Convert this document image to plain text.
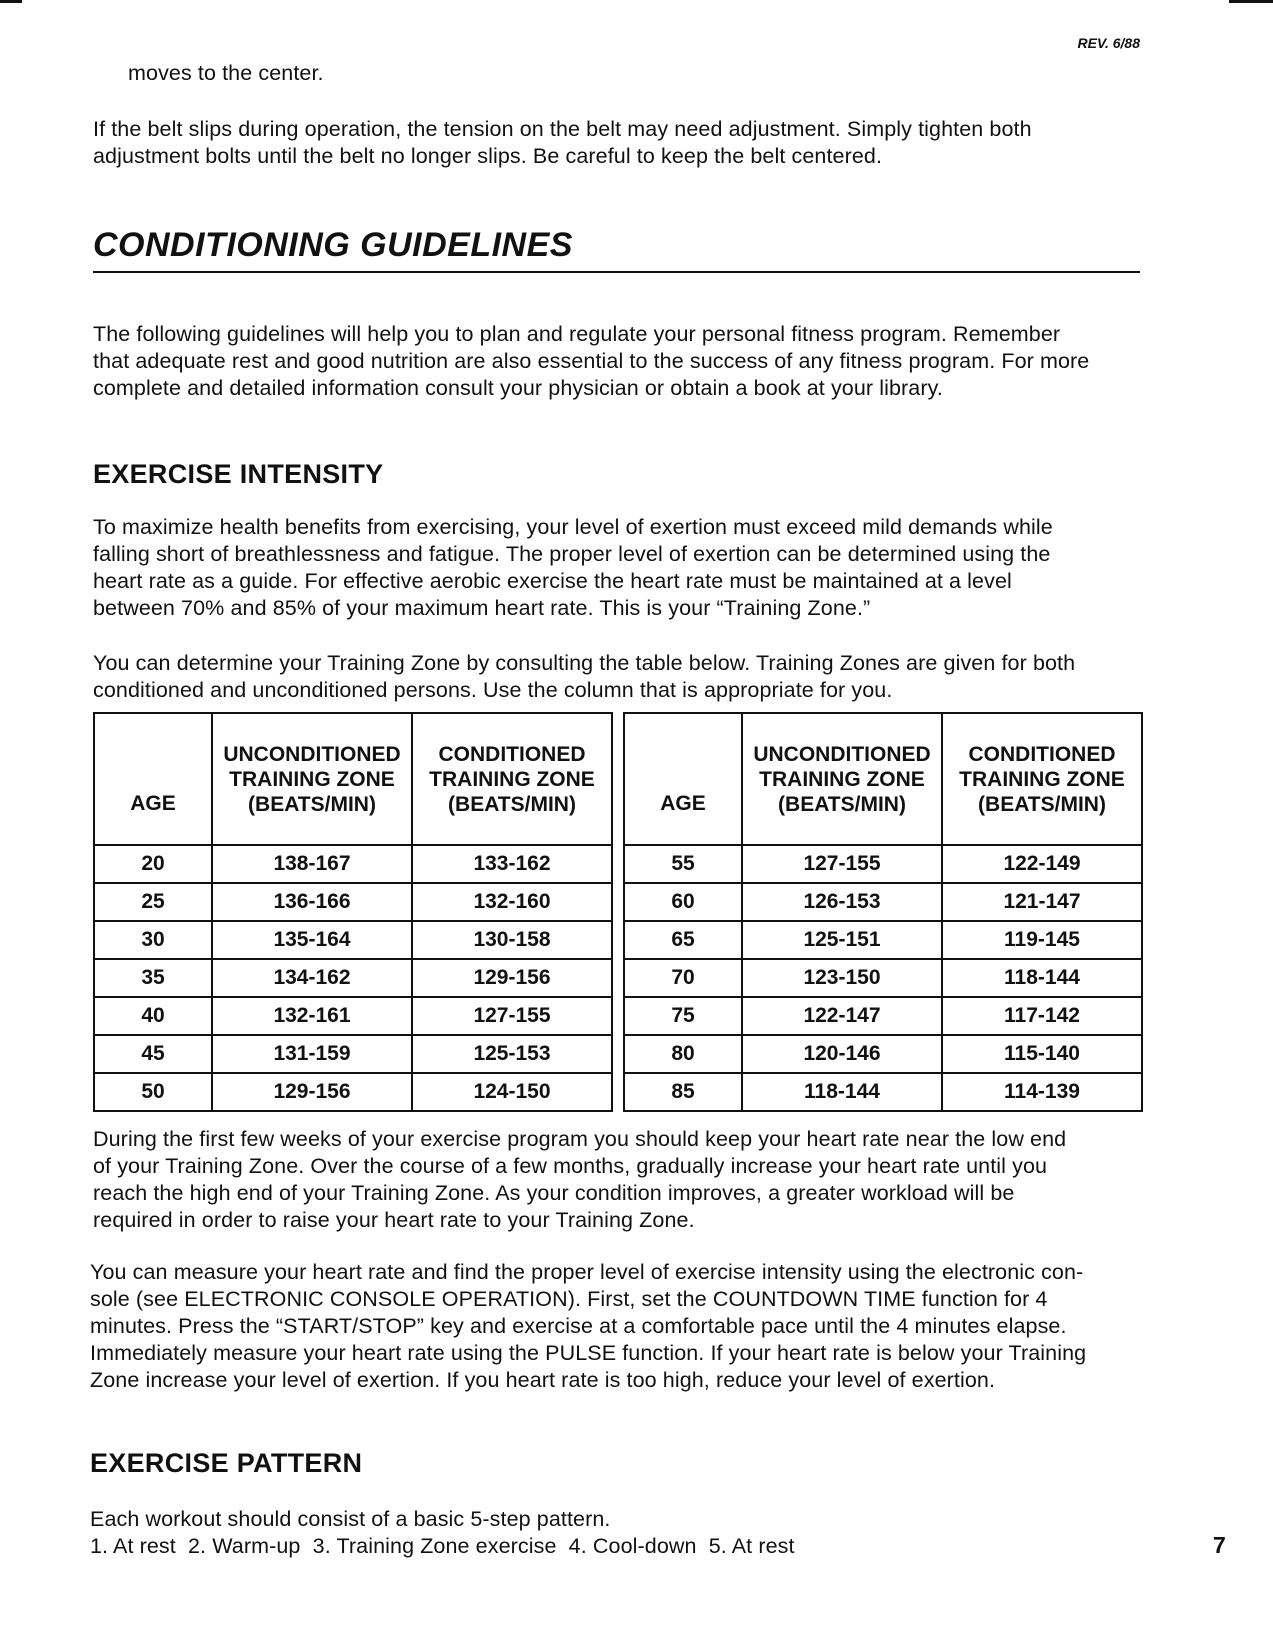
REV. 6/88
moves to the center.
If the belt slips during operation, the tension on the belt may need adjustment. Simply tighten both
adjustment bolts until the belt no longer slips. Be careful to keep the belt centered.
CONDITIONING GUIDELINES
The following guidelines will help you to plan and regulate your personal fitness program. Remember
that adequate rest and good nutrition are also essential to the success of any fitness program. For more
complete and detailed information consult your physician or obtain a book at your library.
EXERCISE INTENSITY
To maximize health benefits from exercising, your level of exertion must exceed mild demands while
falling short of breathlessness and fatigue. The proper level of exertion can be determined using the
heart rate as a guide. For effective aerobic exercise the heart rate must be maintained at a level
between 70% and 85% of your maximum heart rate. This is your “Training Zone.”
You can determine your Training Zone by consulting the table below. Training Zones are given for both
conditioned and unconditioned persons. Use the column that is appropriate for you.
AGE	UNCONDITIONED
TRAINING ZONE
(BEATS/MIN)	CONDITIONED
TRAINING ZONE
(BEATS/MIN)

20	138-167	133-162
25	136-166	132-160
30	135-164	130-158
35	134-162	129-156
40	132-161	127-155
45	131-159	125-153
50	129-156	124-150
AGE	UNCONDITIONED
TRAINING ZONE
(BEATS/MIN)	CONDITIONED
TRAINING ZONE
(BEATS/MIN)

55	127-155	122-149
60	126-153	121-147
65	125-151	119-145
70	123-150	118-144
75	122-147	117-142
80	120-146	115-140
85	118-144	114-139
During the first few weeks of your exercise program you should keep your heart rate near the low end
of your Training Zone. Over the course of a few months, gradually increase your heart rate until you
reach the high end of your Training Zone. As your condition improves, a greater workload will be
required in order to raise your heart rate to your Training Zone.
You can measure your heart rate and find the proper level of exercise intensity using the electronic con-
sole (see ELECTRONIC CONSOLE OPERATION). First, set the COUNTDOWN TIME function for 4
minutes. Press the “START/STOP” key and exercise at a comfortable pace until the 4 minutes elapse.
Immediately measure your heart rate using the PULSE function. If your heart rate is below your Training
Zone increase your level of exertion. If you heart rate is too high, reduce your level of exertion.
EXERCISE PATTERN
Each workout should consist of a basic 5-step pattern.
1. At rest  2. Warm-up  3. Training Zone exercise  4. Cool-down  5. At rest	7
